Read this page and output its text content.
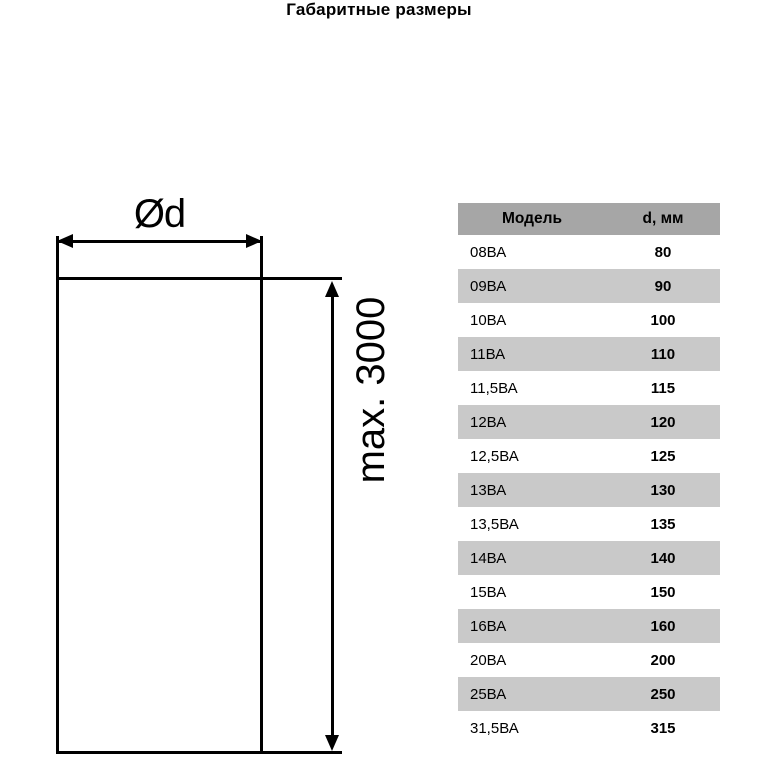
Габаритные размеры
Ød
max. 3000
Модель	d, мм
08ВА	80
09ВА	90
10ВА	100
11ВА	110
11,5ВА	115
12ВА	120
12,5ВА	125
13ВА	130
13,5ВА	135
14ВА	140
15ВА	150
16ВА	160
20ВА	200
25ВА	250
31,5ВА	315
